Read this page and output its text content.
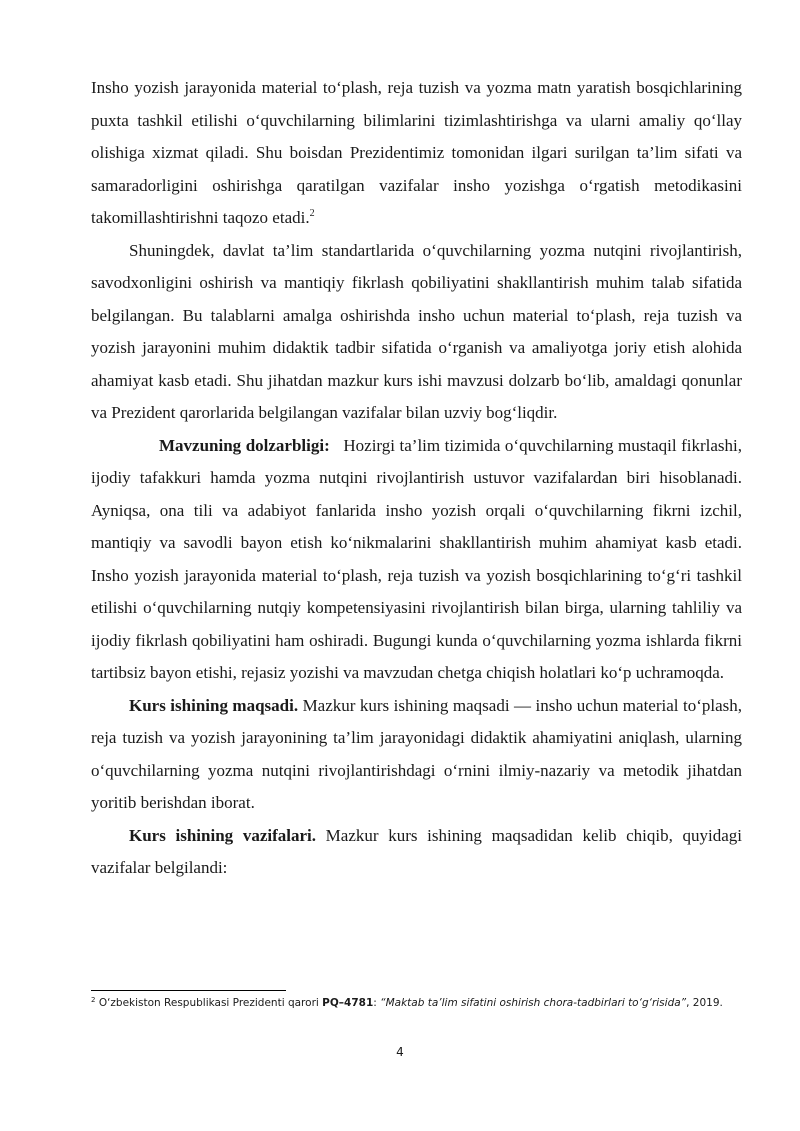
Insho yozish jarayonida material to‘plash, reja tuzish va yozma matn yaratish bosqichlarining puxta tashkil etilishi o‘quvchilarning bilimlarini tizimlashtirishga va ularni amaliy qo‘llay olishiga xizmat qiladi. Shu boisdan Prezidentimiz tomonidan ilgari surilgan ta’lim sifati va samaradorligini oshirishga qaratilgan vazifalar insho yozishga o‘rgatish metodikasini takomillashtirishni taqozo etadi.$^2$

Shuningdek, davlat ta’lim standartlarida o‘quvchilarning yozma nutqini rivojlantirish, savodxonligini oshirish va mantiqiy fikrlash qobiliyatini shakllantirish muhim talab sifatida belgilangan. Bu talablarni amalga oshirishda insho uchun material to‘plash, reja tuzish va yozish jarayonini muhim didaktik tadbir sifatida o‘rganish va amaliyotga joriy etish alohida ahamiyat kasb etadi. Shu jihatdan mazkur kurs ishi mavzusi dolzarb bo‘lib, amaldagi qonunlar va Prezident qarorlarida belgilangan vazifalar bilan uzviy bog‘liqdir.

Mavzuning dolzarbligi: Hozirgi ta’lim tizimida o‘quvchilarning mustaqil fikrlashi, ijodiy tafakkuri hamda yozma nutqini rivojlantirish ustuvor vazifalardan biri hisoblanadi. Ayniqsa, ona tili va adabiyot fanlarida insho yozish orqali o‘quvchilarning fikrni izchil, mantiqiy va savodli bayon etish ko‘nikmalarini shakllantirish muhim ahamiyat kasb etadi. Insho yozish jarayonida material to‘plash, reja tuzish va yozish bosqichlarining to‘g‘ri tashkil etilishi o‘quvchilarning nutqiy kompetensiyasini rivojlantirish bilan birga, ularning tahliliy va ijodiy fikrlash qobiliyatini ham oshiradi. Bugungi kunda o‘quvchilarning yozma ishlarda fikrni tartibsiz bayon etishi, rejasiz yozishi va mavzudan chetga chiqish holatlari ko‘p uchramoqda.

Kurs ishining maqsadi. Mazkur kurs ishining maqsadi — insho uchun material to‘plash, reja tuzish va yozish jarayonining ta’lim jarayonidagi didaktik ahamiyatini aniqlash, ularning o‘quvchilarning yozma nutqini rivojlantirishdagi o‘rnini ilmiy-nazariy va metodik jihatdan yoritib berishdan iborat.

Kurs ishining vazifalari. Mazkur kurs ishining maqsadidan kelib chiqib, quyidagi vazifalar belgilandi:

$^2$ O‘zbekiston Respublikasi Prezidenti qarori PQ–4781: “Maktab ta’lim sifatini oshirish chora-tadbirlari to‘g‘risida”, 2019.
4
